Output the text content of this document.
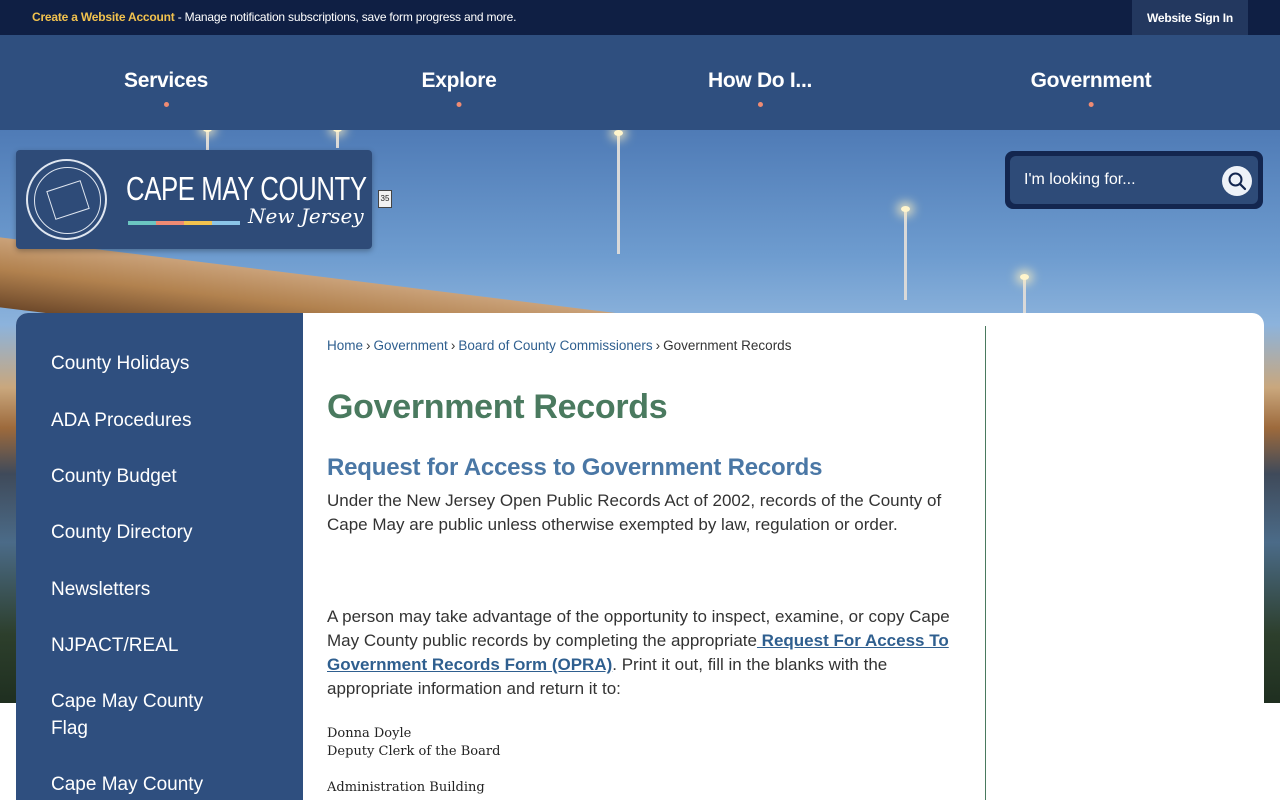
Create a Website Account - Manage notification subscriptions, save form progress and more.	Website Sign In
Services	Explore	How Do I...	Government
35
CAPE MAY COUNTY
New Jersey
I'm looking for...
County Holidays
ADA Procedures
County Budget
County Directory
Newsletters
NJPACT/REAL
Cape May County Flag
Cape May County
Home › Government › Board of County Commissioners › Government Records
Government Records
Request for Access to Government Records

Under the New Jersey Open Public Records Act of 2002, records of the County of Cape May are public unless otherwise exempted by law, regulation or order.

A person may take advantage of the opportunity to inspect, examine, or copy Cape May County public records by completing the appropriate Request For Access To Government Records Form (OPRA). Print it out, fill in the blanks with the appropriate information and return it to:

Donna Doyle
Deputy Clerk of the Board
Administration Building
